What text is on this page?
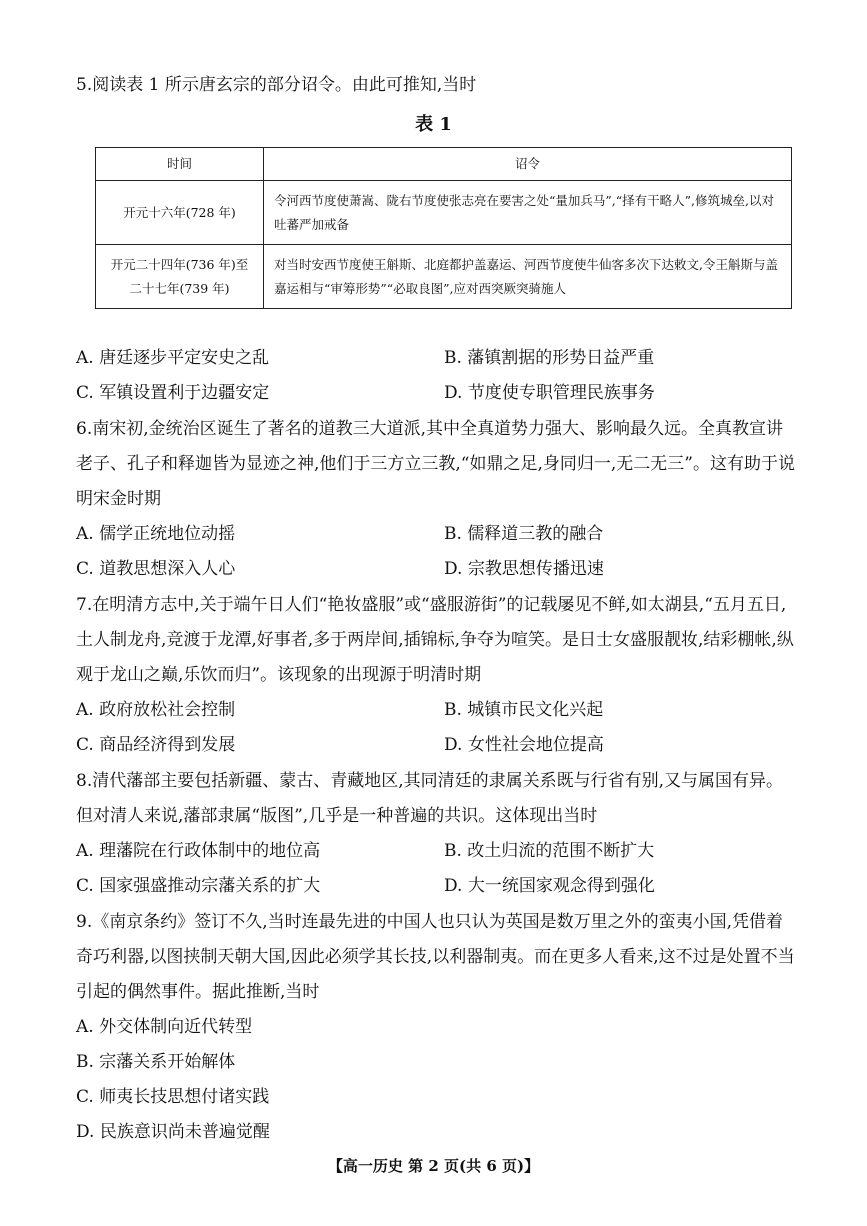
5.阅读表 1 所示唐玄宗的部分诏令。由此可推知,当时

表 1
时间	诏令
开元十六年(728 年)	令河西节度使萧嵩、陇右节度使张志亮在要害之处“量加兵马”,“择有干略人”,修筑城垒,以对吐蕃严加戒备
开元二十四年(736 年)至二十七年(739 年)	对当时安西节度使王斛斯、北庭都护盖嘉运、河西节度使牛仙客多次下达敕文,令王斛斯与盖嘉运相与“审筹形势”“必取良图”,应对西突厥突骑施人
A. 唐廷逐步平定安史之乱	B. 藩镇割据的形势日益严重
C. 军镇设置利于边疆安定	D. 节度使专职管理民族事务

6.南宋初,金统治区诞生了著名的道教三大道派,其中全真道势力强大、影响最久远。全真教宣讲老子、孔子和释迦皆为显迹之神,他们于三方立三教,“如鼎之足,身同归一,无二无三”。这有助于说明宋金时期

A. 儒学正统地位动摇	B. 儒释道三教的融合
C. 道教思想深入人心	D. 宗教思想传播迅速

7.在明清方志中,关于端午日人们“艳妆盛服”或“盛服游街”的记载屡见不鲜,如太湖县,“五月五日,土人制龙舟,竞渡于龙潭,好事者,多于两岸间,插锦标,争夺为喧笑。是日士女盛服靓妆,结彩棚帐,纵观于龙山之巅,乐饮而归”。该现象的出现源于明清时期

A. 政府放松社会控制	B. 城镇市民文化兴起
C. 商品经济得到发展	D. 女性社会地位提高

8.清代藩部主要包括新疆、蒙古、青藏地区,其同清廷的隶属关系既与行省有别,又与属国有异。但对清人来说,藩部隶属“版图”,几乎是一种普遍的共识。这体现出当时

A. 理藩院在行政体制中的地位高	B. 改土归流的范围不断扩大
C. 国家强盛推动宗藩关系的扩大	D. 大一统国家观念得到强化

9.《南京条约》签订不久,当时连最先进的中国人也只认为英国是数万里之外的蛮夷小国,凭借着奇巧利器,以图挟制天朝大国,因此必须学其长技,以利器制夷。而在更多人看来,这不过是处置不当引起的偶然事件。据此推断,当时

A. 外交体制向近代转型
B. 宗藩关系开始解体
C. 师夷长技思想付诸实践
D. 民族意识尚未普遍觉醒
【高一历史 第 2 页(共 6 页)】
